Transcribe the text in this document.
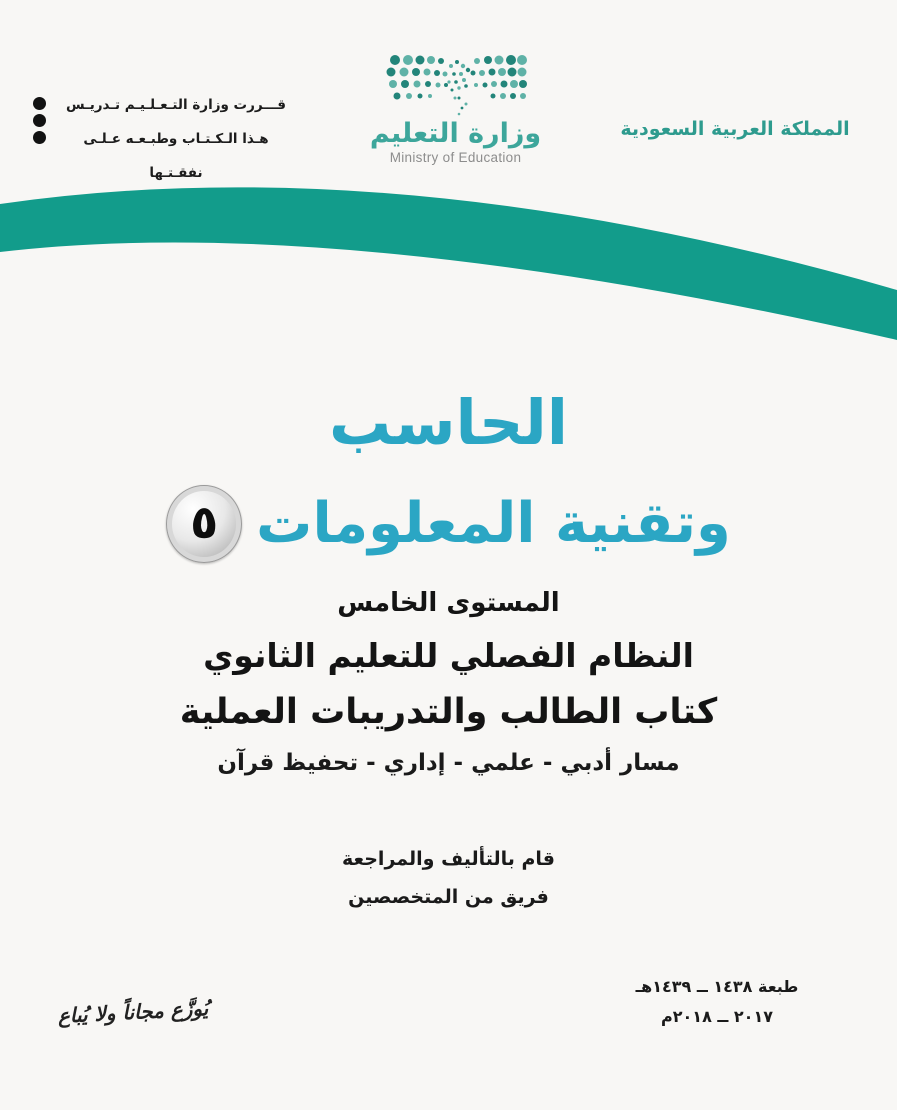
قـــررت وزارة التـعـلـيـم تـدريـس
هـذا الـكـتـاب وطبـعـه عـلـى نفقـتـها
وزارة التعليم
Ministry of Education
المملكة العربية السعودية
الحاسب
٥ وتقنية المعلومات
المستوى الخامس
النظام الفصلي للتعليم الثانوي
كتاب الطالب والتدريبات العملية
مسار أدبي - علمي - إداري - تحفيظ قرآن
قام بالتأليف والمراجعة
فريق من المتخصصين
طبعة ١٤٣٨ ــ ١٤٣٩هـ
٢٠١٧ ــ ٢٠١٨م
يُوزَّع مجاناً ولا يُباع
